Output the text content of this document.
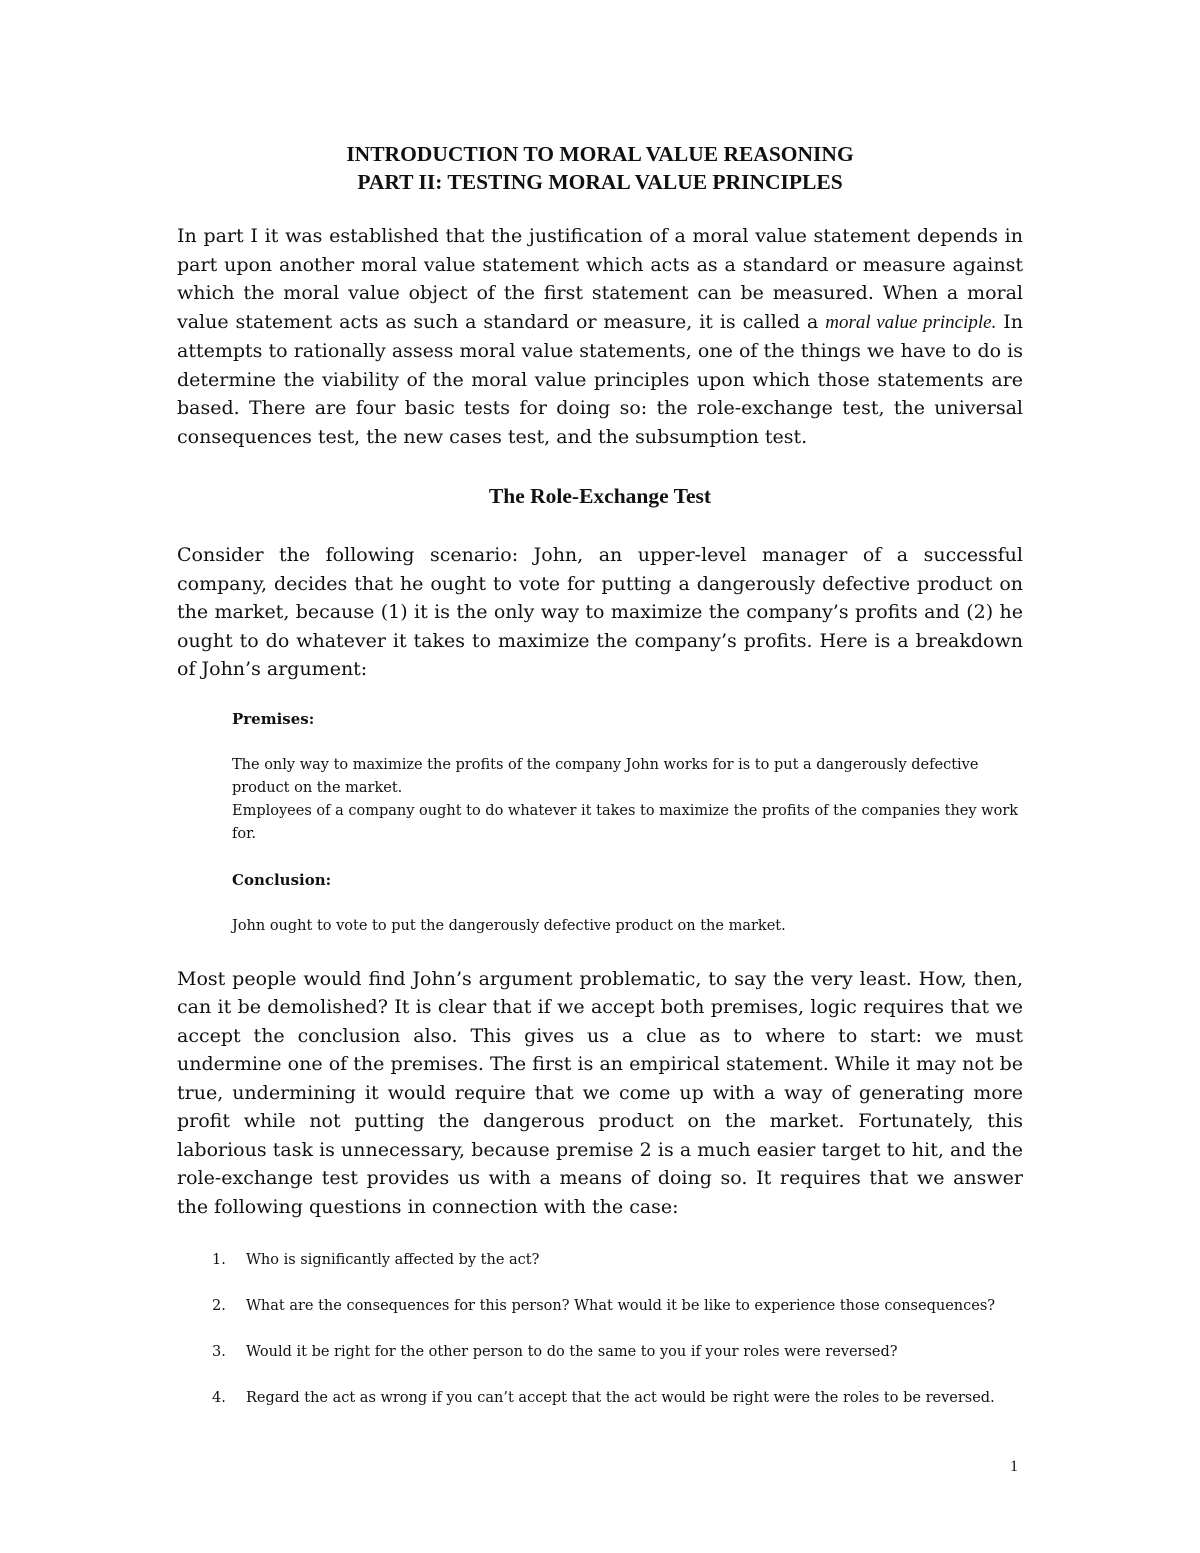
INTRODUCTION TO MORAL VALUE REASONING
PART II: TESTING MORAL VALUE PRINCIPLES

In part I it was established that the justification of a moral value statement depends in part upon another moral value statement which acts as a standard or measure against which the moral value object of the first statement can be measured. When a moral value statement acts as such a standard or measure, it is called a moral value principle. In attempts to rationally assess moral value statements, one of the things we have to do is determine the viability of the moral value principles upon which those statements are based. There are four basic tests for doing so: the role-exchange test, the universal consequences test, the new cases test, and the subsumption test.

The Role-Exchange Test

Consider the following scenario: John, an upper-level manager of a successful company, decides that he ought to vote for putting a dangerously defective product on the market, because (1) it is the only way to maximize the company’s profits and (2) he ought to do whatever it takes to maximize the company’s profits. Here is a breakdown of John’s argument:

Premises:

The only way to maximize the profits of the company John works for is to put a dangerously defective product on the market.

Employees of a company ought to do whatever it takes to maximize the profits of the companies they work for.

Conclusion:

John ought to vote to put the dangerously defective product on the market.

Most people would find John’s argument problematic, to say the very least. How, then, can it be demolished? It is clear that if we accept both premises, logic requires that we accept the conclusion also. This gives us a clue as to where to start: we must undermine one of the premises. The first is an empirical statement. While it may not be true, undermining it would require that we come up with a way of generating more profit while not putting the dangerous product on the market. Fortunately, this laborious task is unnecessary, because premise 2 is a much easier target to hit, and the role-exchange test provides us with a means of doing so. It requires that we answer the following questions in connection with the case:

1.	Who is significantly affected by the act?
2.	What are the consequences for this person? What would it be like to experience those consequences?
3.	Would it be right for the other person to do the same to you if your roles were reversed?
4.	Regard the act as wrong if you can’t accept that the act would be right were the roles to be reversed.
1
